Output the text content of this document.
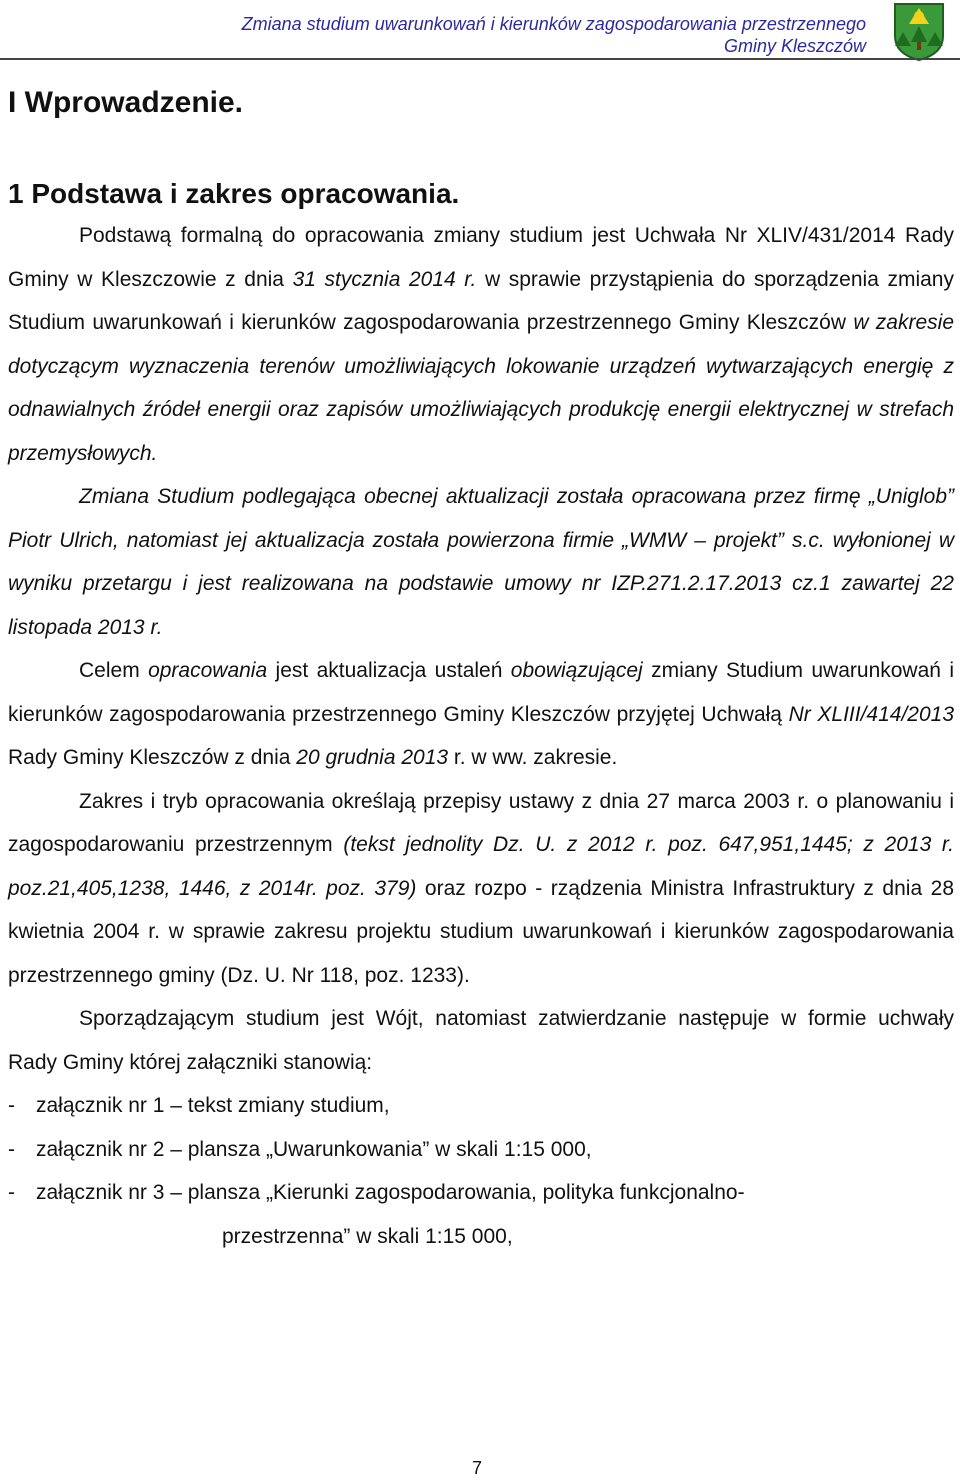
Zmiana studium uwarunkowań i kierunków zagospodarowania przestrzennego
Gminy Kleszczów
I Wprowadzenie.
1 Podstawa i zakres opracowania.

Podstawą formalną do opracowania zmiany studium jest Uchwała Nr XLIV/431/2014 Rady Gminy w Kleszczowie z dnia 31 stycznia 2014 r. w sprawie przystąpienia do sporządzenia zmiany Studium uwarunkowań i kierunków zagospodarowania przestrzennego Gminy Kleszczów w zakresie dotyczącym wyznaczenia terenów umożliwiających lokowanie urządzeń wytwarzających energię z odnawialnych źródeł energii oraz zapisów umożliwiających produkcję energii elektrycznej w strefach przemysłowych.

Zmiana Studium podlegająca obecnej aktualizacji została opracowana przez firmę „Uniglob” Piotr Ulrich, natomiast jej aktualizacja została powierzona firmie „WMW – projekt” s.c. wyłonionej w wyniku przetargu i jest realizowana na podstawie umowy nr IZP.271.2.17.2013 cz.1 zawartej 22 listopada 2013 r.

Celem opracowania jest aktualizacja ustaleń obowiązującej zmiany Studium uwarunkowań i kierunków zagospodarowania przestrzennego Gminy Kleszczów przyjętej Uchwałą Nr XLIII/414/2013 Rady Gminy Kleszczów z dnia 20 grudnia 2013 r. w ww. zakresie.

Zakres i tryb opracowania określają przepisy ustawy z dnia 27 marca 2003 r. o planowaniu i zagospodarowaniu przestrzennym (tekst jednolity Dz. U. z 2012 r. poz. 647,951,1445; z 2013 r. poz.21,405,1238, 1446, z 2014r. poz. 379) oraz rozpo - rządzenia Ministra Infrastruktury z dnia 28 kwietnia 2004 r. w sprawie zakresu projektu studium uwarunkowań i kierunków zagospodarowania przestrzennego gminy (Dz. U. Nr 118, poz. 1233).

Sporządzającym studium jest Wójt, natomiast zatwierdzanie następuje w formie uchwały Rady Gminy której załączniki stanowią:

-	załącznik nr 1 – tekst zmiany studium,
-	załącznik nr 2 – plansza „Uwarunkowania” w skali 1:15 000,
-	załącznik nr 3 – plansza „Kierunki zagospodarowania, polityka funkcjonalno-
przestrzenna” w skali 1:15 000,
7
